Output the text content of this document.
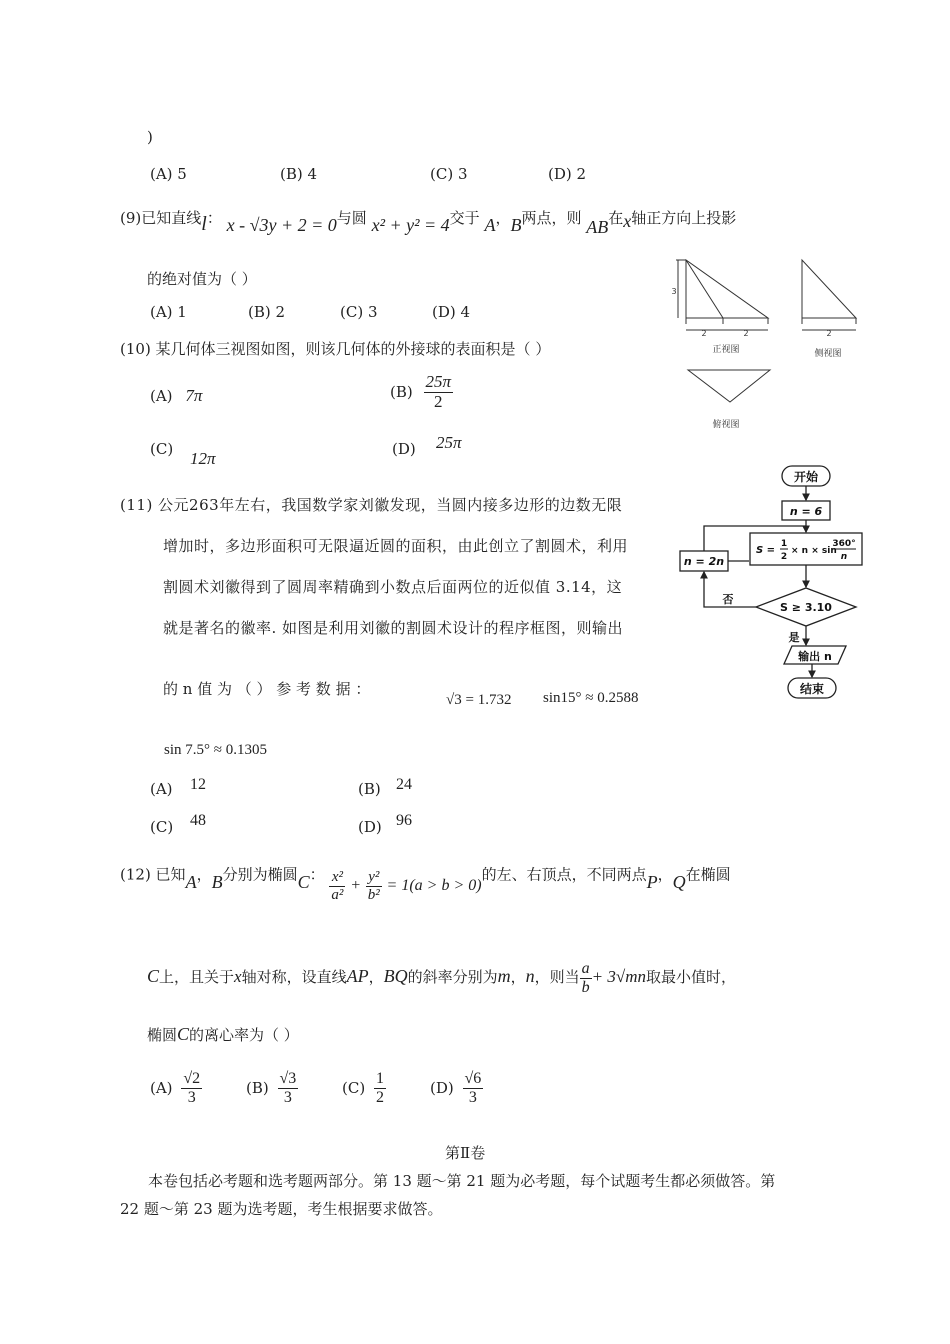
)
(A) 5	(B) 4	(C) 3	(D) 2
(9)已知直线l： x - √3y + 2 = 0与圆 x² + y² = 4交于 A，B两点，则 AB在x轴正方向上投影
的绝对值为（ ）
(A) 1	(B) 2	(C) 3	(D) 4
(10) 某几何体三视图如图，则该几何体的外接球的表面积是（ ）
(A) 7π	$(B) \frac{25\pi}{2}$
(C) 12π	(D) 25π
3
2	2
正视图
2
侧视图
俯视图
(11) 公元263年左右，我国数学家刘徽发现，当圆内接多边形的边数无限
增加时，多边形面积可无限逼近圆的面积，由此创立了割圆术，利用
割圆术刘徽得到了圆周率精确到小数点后面两位的近似值 3.14，这
就是著名的徽率. 如图是利用刘徽的割圆术设计的程序框图，则输出
的 n 值 为 （ ） 参 考 数 据 ：
√3 = 1.732 sin15° ≈ 0.2588
sin 7.5° ≈ 0.1305
(A) 12	(B) 24
(C) 48	(D) 96
开始
n = 6
S =
1
2
× n × sin
360°
n
n = 2n
S ≥ 3.10
否
是
输出 n
结束
(12) 已知A，B分别为椭圆C： $\frac{\text{x²}}{\text{a²}} + \frac{\text{y²}}{\text{b²}} = 1(a > b > 0)$的左、右顶点，不同两点P，Q在椭圆
C上，且关于x轴对称，设直线AP，BQ的斜率分别为m，n，则当 $\frac{a}{b} + 3√mn$取最小值时，
椭圆C的离心率为（ ）
$(A) \frac{√2}{3}$	$(B) \frac{√3}{3}$	$(C) \frac{1}{2}$	$(D) \frac{√6}{3}$
第Ⅱ卷
本卷包括必考题和选考题两部分。第 13 题～第 21 题为必考题，每个试题考生都必须做答。第
22 题～第 23 题为选考题，考生根据要求做答。
